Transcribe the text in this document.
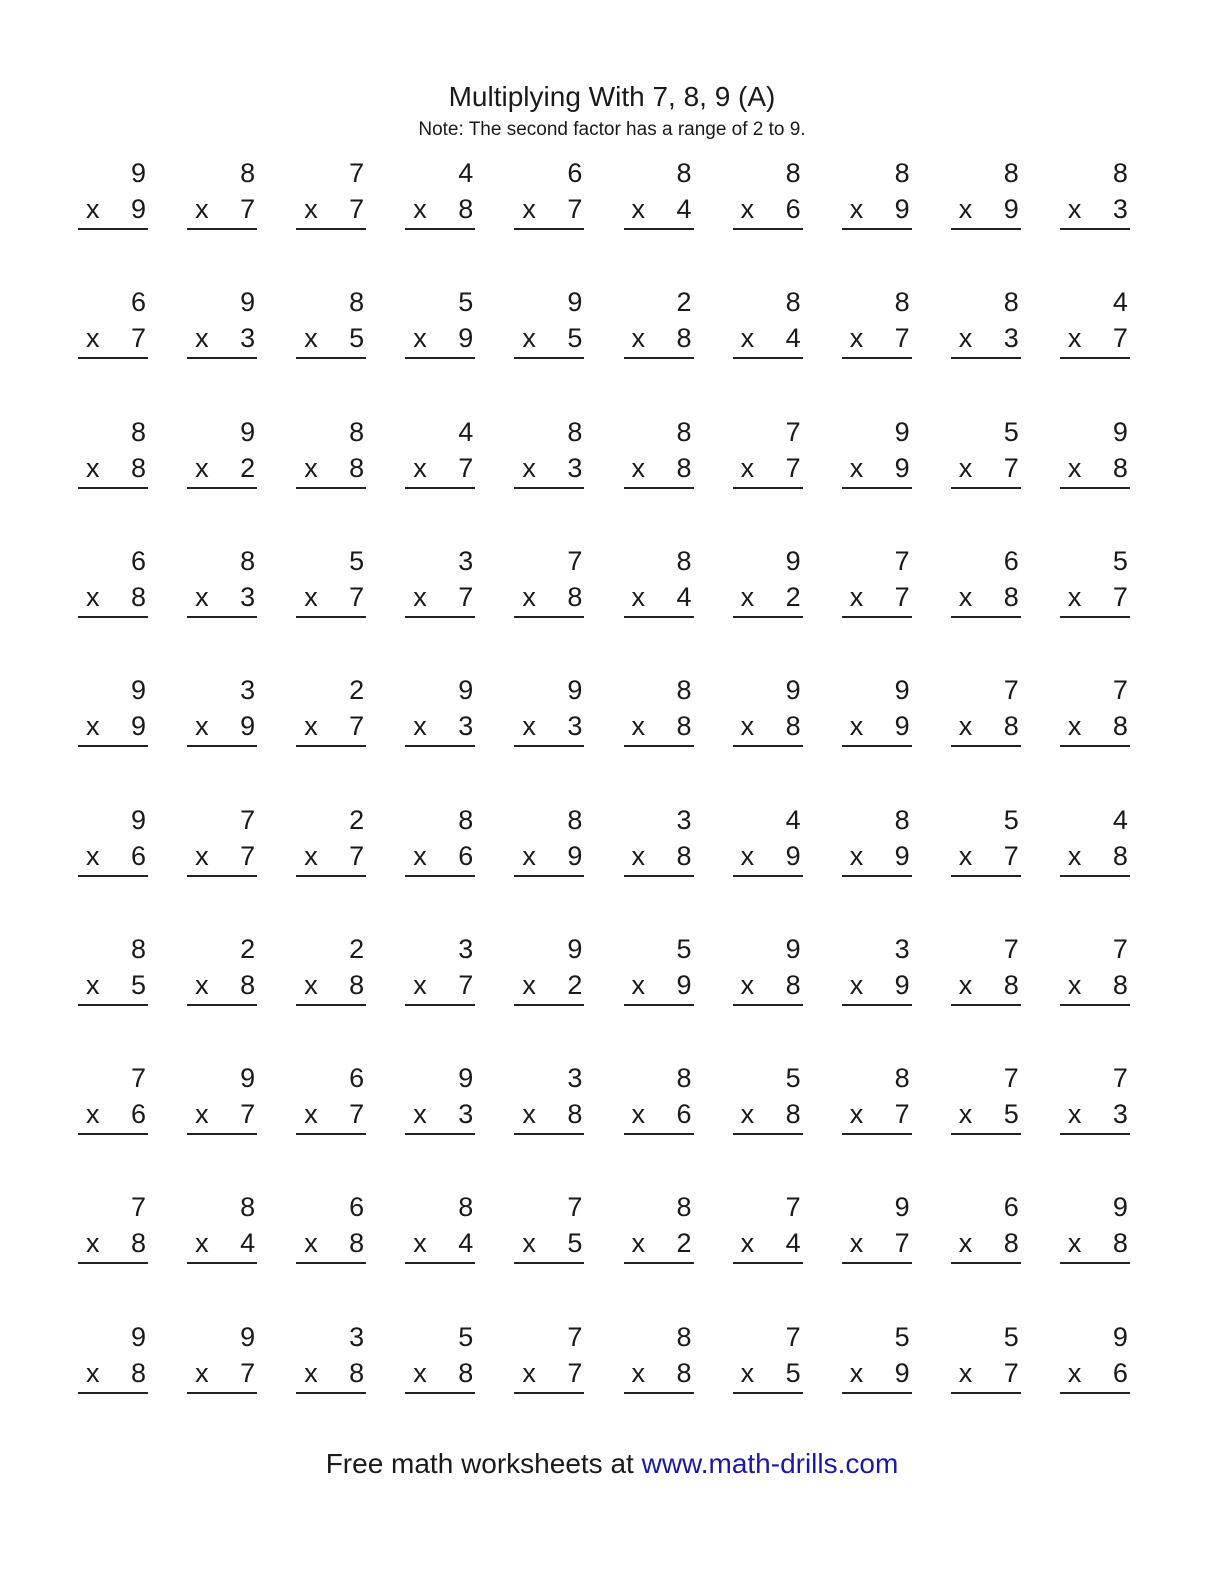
Multiplying With 7, 8, 9 (A)
Note: The second factor has a range of 2 to 9.
9
x 9
8
x 7
7
x 7
4
x 8
6
x 7
8
x 4
8
x 6
8
x 9
8
x 9
8
x 3
6
x 7
9
x 3
8
x 5
5
x 9
9
x 5
2
x 8
8
x 4
8
x 7
8
x 3
4
x 7
8
x 8
9
x 2
8
x 8
4
x 7
8
x 3
8
x 8
7
x 7
9
x 9
5
x 7
9
x 8
6
x 8
8
x 3
5
x 7
3
x 7
7
x 8
8
x 4
9
x 2
7
x 7
6
x 8
5
x 7
9
x 9
3
x 9
2
x 7
9
x 3
9
x 3
8
x 8
9
x 8
9
x 9
7
x 8
7
x 8
9
x 6
7
x 7
2
x 7
8
x 6
8
x 9
3
x 8
4
x 9
8
x 9
5
x 7
4
x 8
8
x 5
2
x 8
2
x 8
3
x 7
9
x 2
5
x 9
9
x 8
3
x 9
7
x 8
7
x 8
7
x 6
9
x 7
6
x 7
9
x 3
3
x 8
8
x 6
5
x 8
8
x 7
7
x 5
7
x 3
7
x 8
8
x 4
6
x 8
8
x 4
7
x 5
8
x 2
7
x 4
9
x 7
6
x 8
9
x 8
9
x 8
9
x 7
3
x 8
5
x 8
7
x 7
8
x 8
7
x 5
5
x 9
5
x 7
9
x 6
Free math worksheets at www.math-drills.com
